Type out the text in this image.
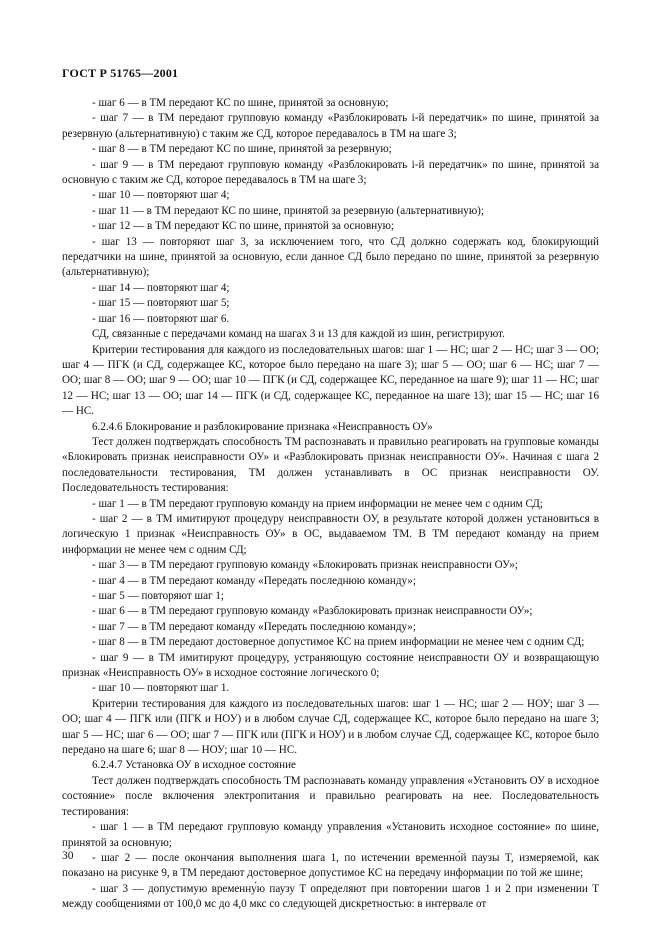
ГОСТ Р 51765—2001

- шаг 6 — в ТМ передают КС по шине, принятой за основную;

- шаг 7 — в ТМ передают групповую команду «Разблокировать i-й передатчик» по шине, принятой за резервную (альтернативную) с таким же СД, которое передавалось в ТМ на шаге 3;

- шаг 8 — в ТМ передают КС по шине, принятой за резервную;

- шаг 9 — в ТМ передают групповую команду «Разблокировать i-й передатчик» по шине, принятой за основную с таким же СД, которое передавалось в ТМ на шаге 3;

- шаг 10 — повторяют шаг 4;

- шаг 11 — в ТМ передают КС по шине, принятой за резервную (альтернативную);

- шаг 12 — в ТМ передают КС по шине, принятой за основную;

- шаг 13 — повторяют шаг 3, за исключением того, что СД должно содержать код, блокирующий передатчики на шине, принятой за основную, если данное СД было передано по шине, принятой за резервную (альтернативную);

- шаг 14 — повторяют шаг 4;

- шаг 15 — повторяют шаг 5;

- шаг 16 — повторяют шаг 6.

СД, связанные с передачами команд на шагах 3 и 13 для каждой из шин, регистрируют.

Критерии тестирования для каждого из последовательных шагов: шаг 1 — НС; шаг 2 — НС; шаг 3 — ОО; шаг 4 — ПГК (и СД, содержащее КС, которое было передано на шаге 3); шаг 5 — ОО; шаг 6 — НС; шаг 7 — ОО; шаг 8 — ОО; шаг 9 — ОО; шаг 10 — ПГК (и СД, содержащее КС, переданное на шаге 9); шаг 11 — НС; шаг 12 — НС; шаг 13 — ОО; шаг 14 — ПГК (и СД, содержащее КС, переданное на шаге 13); шаг 15 — НС; шаг 16 — НС.

6.2.4.6 Блокирование и разблокирование признака «Неисправность ОУ»

Тест должен подтверждать способность ТМ распознавать и правильно реагировать на групповые команды «Блокировать признак неисправности ОУ» и «Разблокировать признак неисправности ОУ». Начиная с шага 2 последовательности тестирования, ТМ должен устанавливать в ОС признак неисправности ОУ. Последовательность тестирования:

- шаг 1 — в ТМ передают групповую команду на прием информации не менее чем с одним СД;

- шаг 2 — в ТМ имитируют процедуру неисправности ОУ, в результате которой должен установиться в логическую 1 признак «Неисправность ОУ» в ОС, выдаваемом ТМ. В ТМ передают команду на прием информации не менее чем с одним СД;

- шаг 3 — в ТМ передают групповую команду «Блокировать признак неисправности ОУ»;

- шаг 4 — в ТМ передают команду «Передать последнюю команду»;

- шаг 5 — повторяют шаг 1;

- шаг 6 — в ТМ передают групповую команду «Разблокировать признак неисправности ОУ»;

- шаг 7 — в ТМ передают команду «Передать последнюю команду»;

- шаг 8 — в ТМ передают достоверное допустимое КС на прием информации не менее чем с одним СД;

- шаг 9 — в ТМ имитируют процедуру, устраняющую состояние неисправности ОУ и возвращающую признак «Неисправность ОУ» в исходное состояние логического 0;

- шаг 10 — повторяют шаг 1.

Критерии тестирования для каждого из последовательных шагов: шаг 1 — НС; шаг 2 — НОУ; шаг 3 — ОО; шаг 4 — ПГК или (ПГК и НОУ) и в любом случае СД, содержащее КС, которое было передано на шаге 3; шаг 5 — НС; шаг 6 — ОО; шаг 7 — ПГК или (ПГК и НОУ) и в любом случае СД, содержащее КС, которое было передано на шаге 6; шаг 8 — НОУ; шаг 10 — НС.

6.2.4.7 Установка ОУ в исходное состояние

Тест должен подтверждать способность ТМ распознавать команду управления «Установить ОУ в исходное состояние» после включения электропитания и правильно реагировать на нее. Последовательность тестирования:

- шаг 1 — в ТМ передают групповую команду управления «Установить исходное состояние» по шине, принятой за основную;

- шаг 2 — после окончания выполнения шага 1, по истечении временно́й паузы T, измеряемой, как показано на рисунке 9, в ТМ передают достоверное допустимое КС на передачу информации по той же шине;

- шаг 3 — допустимую временну́ю паузу T определяют при повторении шагов 1 и 2 при изменении T между сообщениями от 100,0 мс до 4,0 мкс со следующей дискретностью: в интервале от

30
